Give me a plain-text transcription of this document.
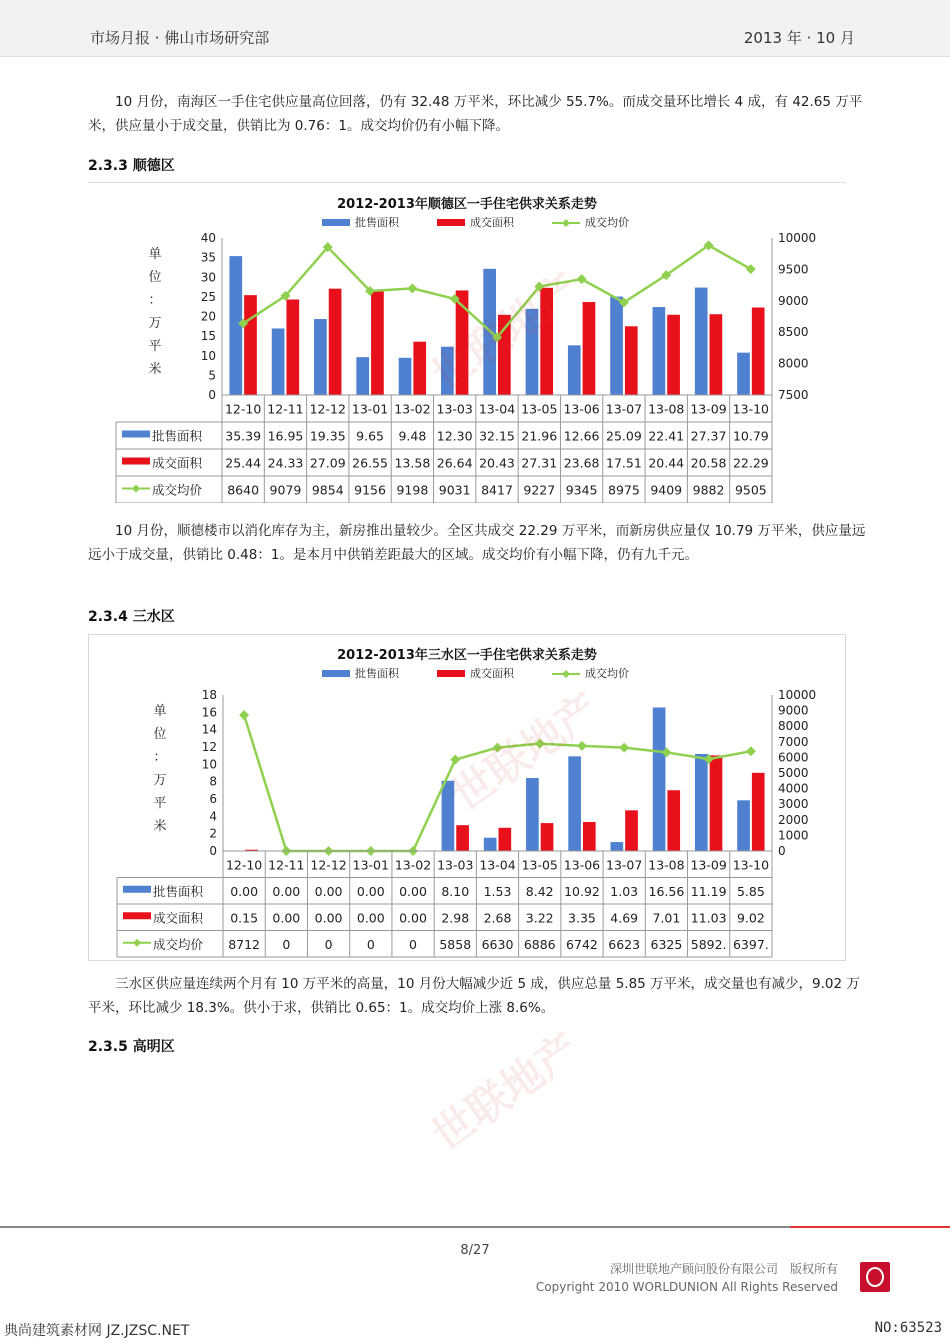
市场月报 · 佛山市场研究部	2013 年 · 10 月
10 月份，南海区一手住宅供应量高位回落，仍有 32.48 万平米，环比减少 55.7%。而成交量环比增长 4 成，有 42.65 万平米，供应量小于成交量，供销比为 0.76：1。成交均价仍有小幅下降。
2.3.3 顺德区
2012-2013年顺德区一手住宅供求关系走势
批售面积	成交面积	成交均价
单
位
：
万
平
米
0
5
10
15
20
25
30
35
40
7500
8000
8500
9000
9500
10000
12-10 12-11 12-12 13-01 13-02 13-03 13-04 13-05 13-06 13-07 13-08 13-09 13-10
批售面积 35.39 16.95 19.35 9.65 9.48 12.30 32.15 21.96 12.66 25.09 22.41 27.37 10.79
成交面积 25.44 24.33 27.09 26.55 13.58 26.64 20.43 27.31 23.68 17.51 20.44 20.58 22.29
成交均价 8640 9079 9854 9156 9198 9031 8417 9227 9345 8975 9409 9882 9505
10 月份，顺德楼市以消化库存为主，新房推出量较少。全区共成交 22.29 万平米，而新房供应量仅 10.79 万平米，供应量远远小于成交量，供销比 0.48：1。是本月中供销差距最大的区域。成交均价有小幅下降，仍有九千元。
2.3.4 三水区
2012-2013年三水区一手住宅供求关系走势
批售面积	成交面积	成交均价
单
位
：
万
平
米
0
2
4
6
8
10
12
14
16
18
0
1000
2000
3000
4000
5000
6000
7000
8000
9000
10000
12-10 12-11 12-12 13-01 13-02 13-03 13-04 13-05 13-06 13-07 13-08 13-09 13-10
批售面积 0.00 0.00 0.00 0.00 0.00 8.10 1.53 8.42 10.92 1.03 16.56 11.19 5.85
成交面积 0.15 0.00 0.00 0.00 0.00 2.98 2.68 3.22 3.35 4.69 7.01 11.03 9.02
成交均价 8712 0	0	0	0 5858 6630 6886 6742 6623 6325 5892. 6397.
三水区供应量连续两个月有 10 万平米的高量，10 月份大幅减少近 5 成，供应总量 5.85 万平米，成交量也有减少，9.02 万平米，环比减少 18.3%。供小于求，供销比 0.65：1。成交均价上涨 8.6%。
2.3.5 高明区	世联地产
8/27
深圳世联地产顾问股份有限公司　版权所有
Copyright 2010 WORLDUNION All Rights Reserved
典尚建筑素材网 JZ.JZSC.NET	NO:63523
